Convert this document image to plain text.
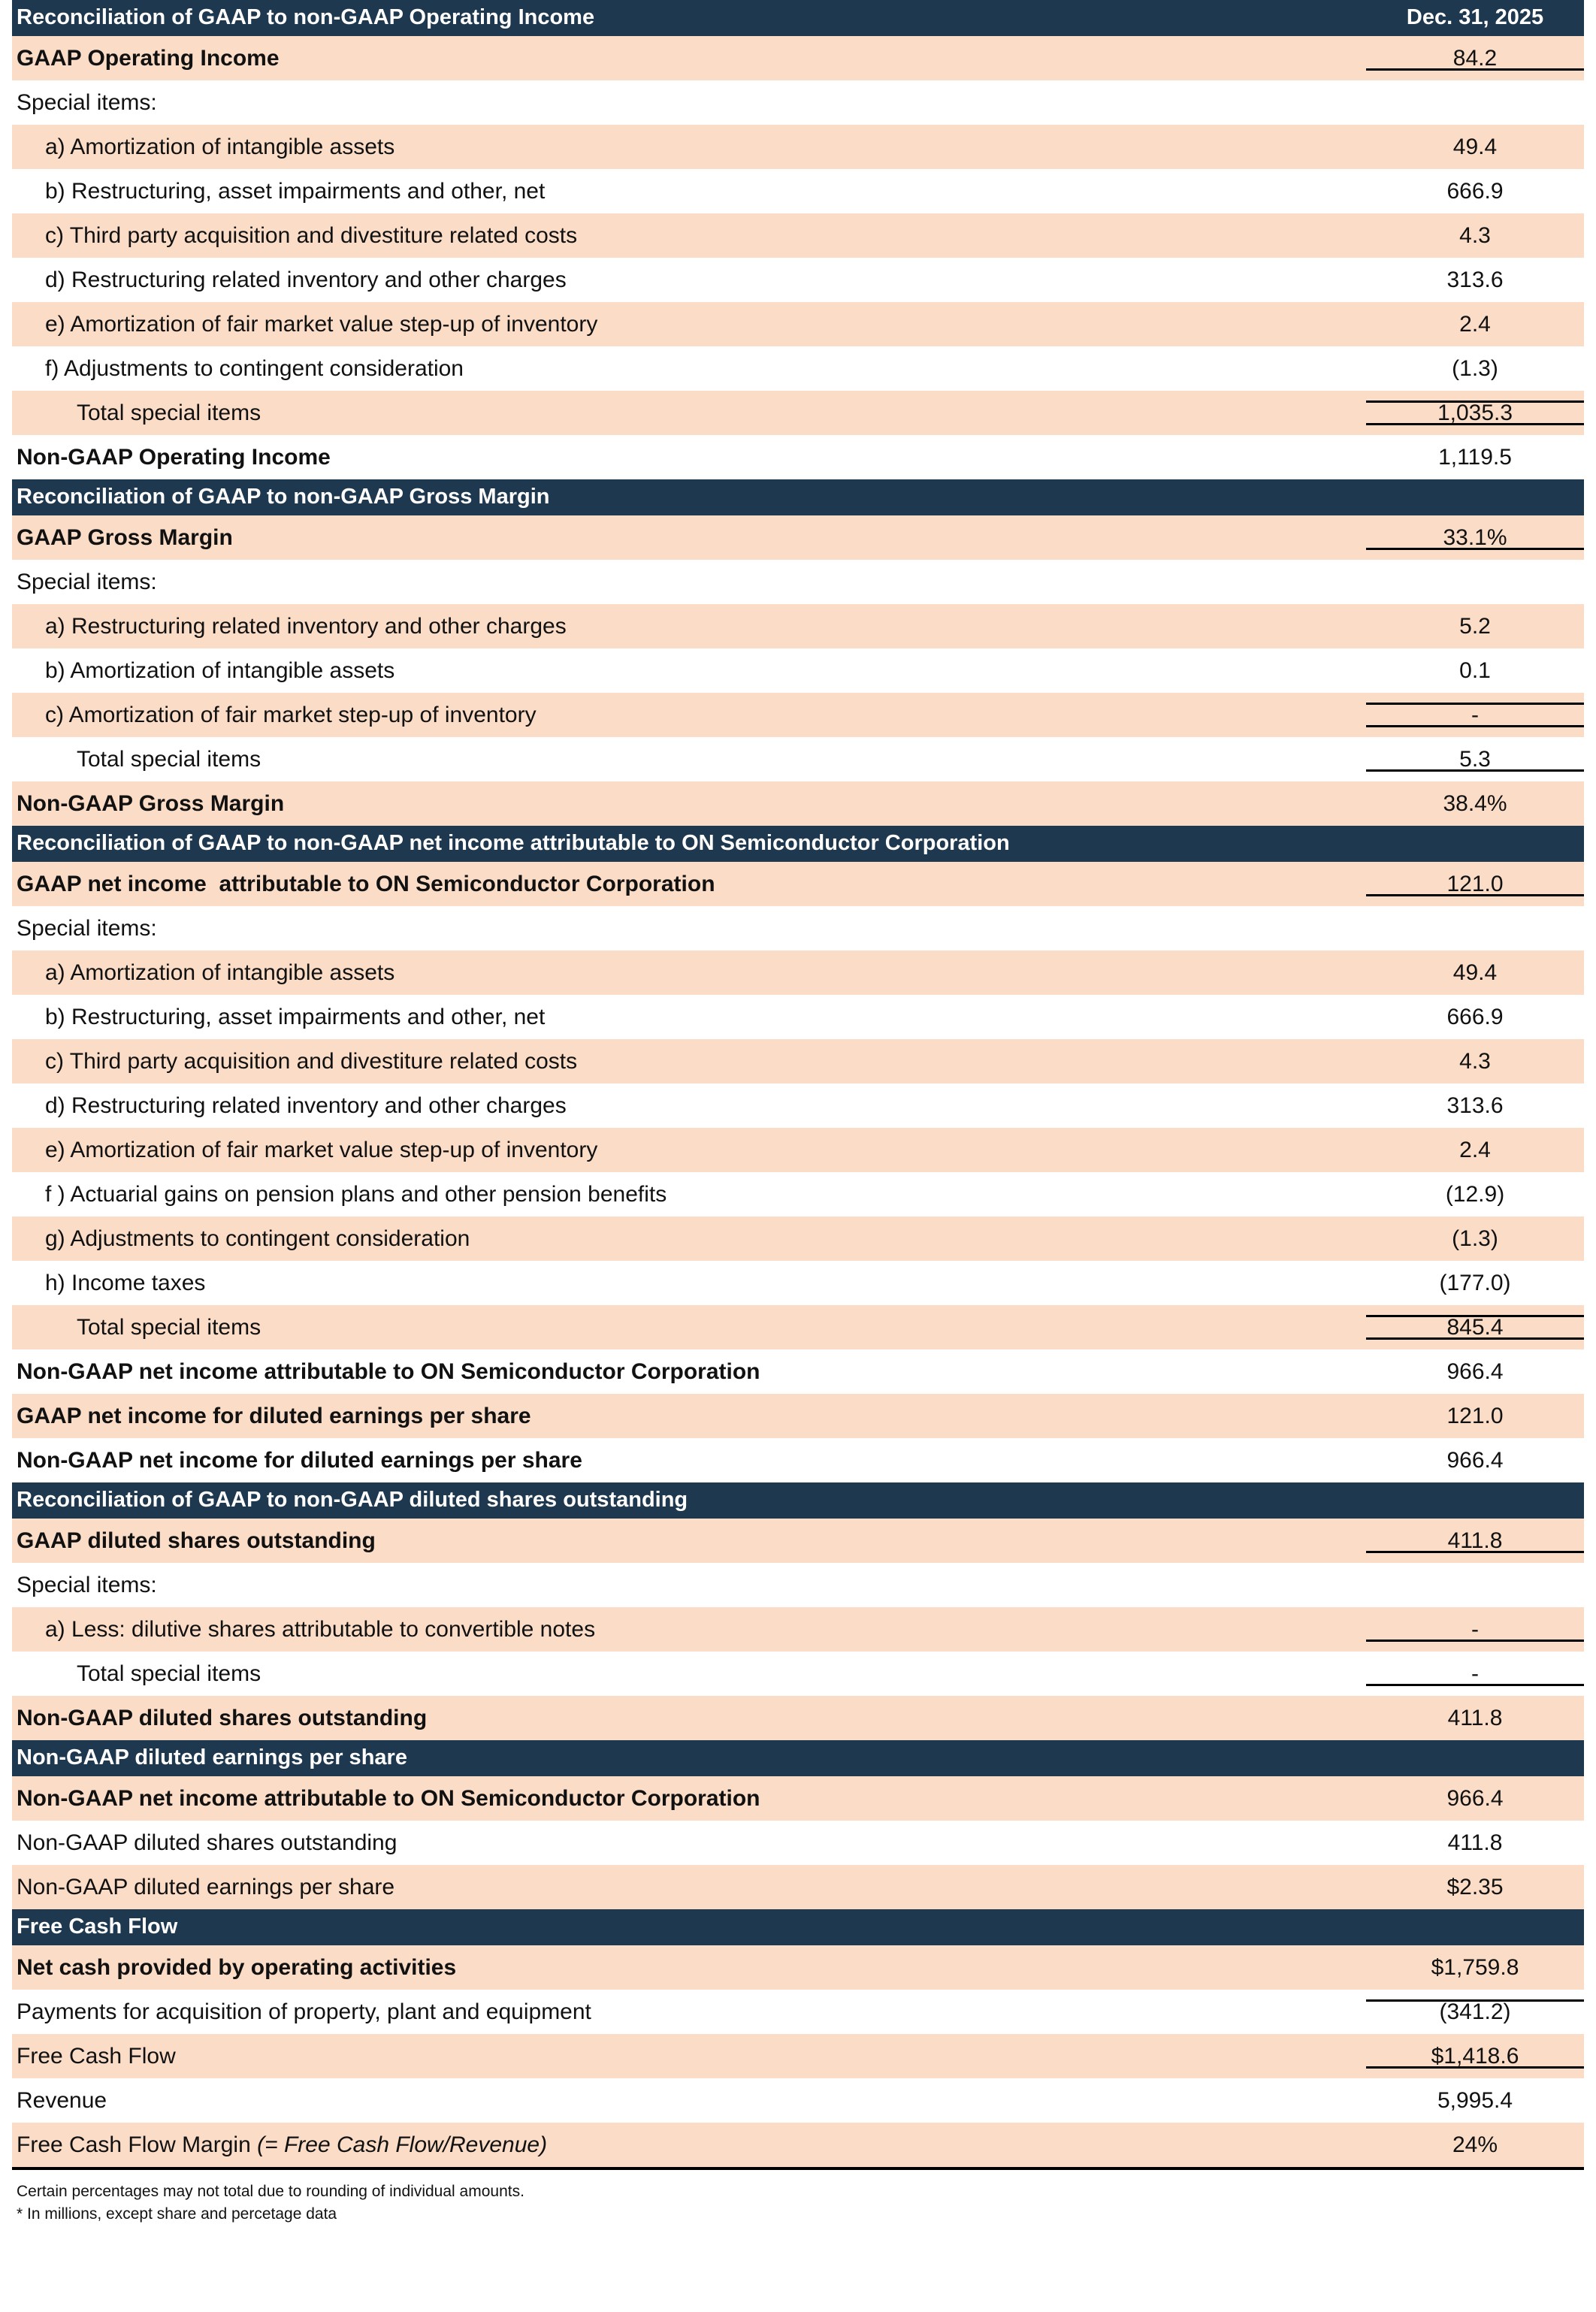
Reconciliation of GAAP to non-GAAP Operating Income	Dec. 31, 2025
GAAP Operating Income	84.2
Special items:
a) Amortization of intangible assets	49.4
b) Restructuring, asset impairments and other, net	666.9
c) Third party acquisition and divestiture related costs	4.3
d) Restructuring related inventory and other charges	313.6
e) Amortization of fair market value step-up of inventory	2.4
f) Adjustments to contingent consideration	(1.3)
Total special items	1,035.3
Non-GAAP Operating Income	1,119.5
Reconciliation of GAAP to non-GAAP Gross Margin
GAAP Gross Margin	33.1%
Special items:
a) Restructuring related inventory and other charges	5.2
b) Amortization of intangible assets	0.1
c) Amortization of fair market step-up of inventory	-
Total special items	5.3
Non-GAAP Gross Margin	38.4%
Reconciliation of GAAP to non-GAAP net income attributable to ON Semiconductor Corporation
GAAP net income  attributable to ON Semiconductor Corporation	121.0
Special items:
a) Amortization of intangible assets	49.4
b) Restructuring, asset impairments and other, net	666.9
c) Third party acquisition and divestiture related costs	4.3
d) Restructuring related inventory and other charges	313.6
e) Amortization of fair market value step-up of inventory	2.4
f ) Actuarial gains on pension plans and other pension benefits	(12.9)
g) Adjustments to contingent consideration	(1.3)
h) Income taxes	(177.0)
Total special items	845.4
Non-GAAP net income attributable to ON Semiconductor Corporation	966.4
GAAP net income for diluted earnings per share	121.0
Non-GAAP net income for diluted earnings per share	966.4
Reconciliation of GAAP to non-GAAP diluted shares outstanding
GAAP diluted shares outstanding	411.8
Special items:
a) Less: dilutive shares attributable to convertible notes	-
Total special items	-
Non-GAAP diluted shares outstanding	411.8
Non-GAAP diluted earnings per share
Non-GAAP net income attributable to ON Semiconductor Corporation	966.4
Non-GAAP diluted shares outstanding	411.8
Non-GAAP diluted earnings per share	$2.35
Free Cash Flow
Net cash provided by operating activities	$1,759.8
Payments for acquisition of property, plant and equipment	(341.2)
Free Cash Flow	$1,418.6
Revenue	5,995.4
Free Cash Flow Margin (= Free Cash Flow/Revenue)	24%
Certain percentages may not total due to rounding of individual amounts.
* In millions, except share and percetage data
